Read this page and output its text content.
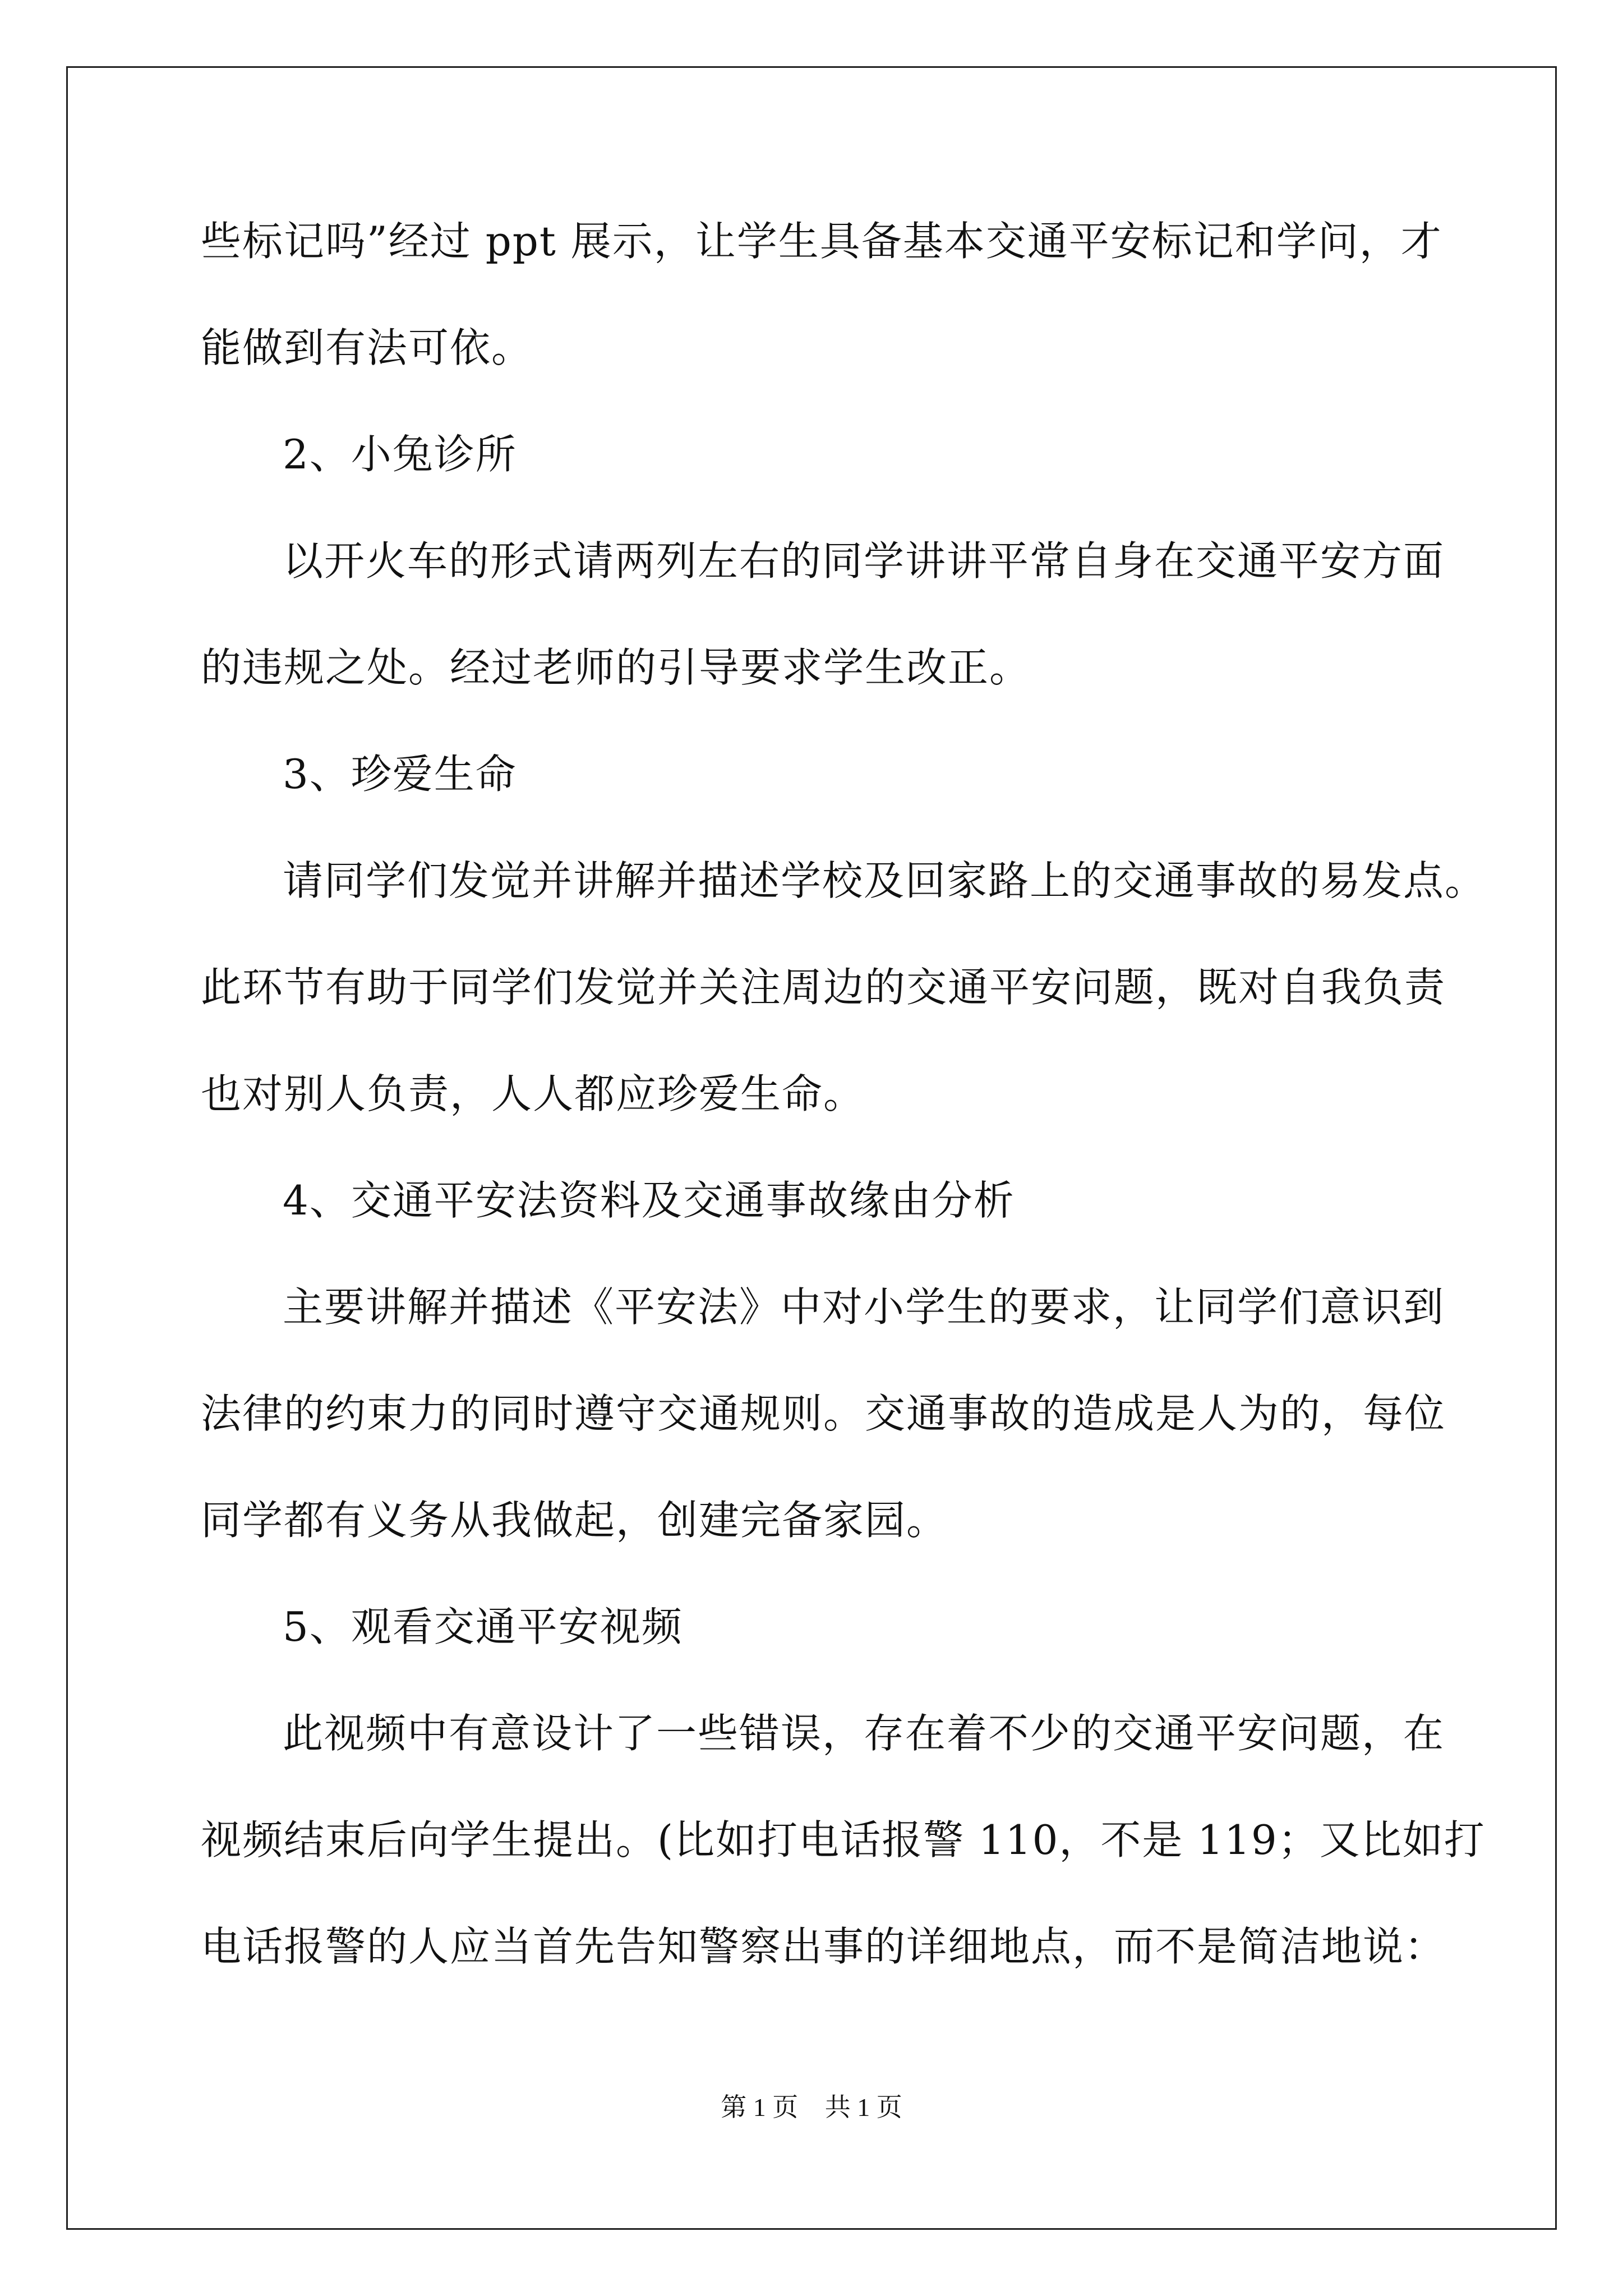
些标记吗”经过 ppt 展示，让学生具备基本交通平安标记和学问，才

能做到有法可依。

2、小兔诊所

以开火车的形式请两列左右的同学讲讲平常自身在交通平安方面

的违规之处。经过老师的引导要求学生改正。

3、珍爱生命

请同学们发觉并讲解并描述学校及回家路上的交通事故的易发点。

此环节有助于同学们发觉并关注周边的交通平安问题，既对自我负责

也对别人负责，人人都应珍爱生命。

4、交通平安法资料及交通事故缘由分析

主要讲解并描述《平安法》中对小学生的要求，让同学们意识到

法律的约束力的同时遵守交通规则。交通事故的造成是人为的，每位

同学都有义务从我做起，创建完备家园。

5、观看交通平安视频

此视频中有意设计了一些错误，存在着不少的交通平安问题，在

视频结束后向学生提出。(比如打电话报警 110，不是 119；又比如打

电话报警的人应当首先告知警察出事的详细地点，而不是简洁地说：

第 1 页 共 1 页
